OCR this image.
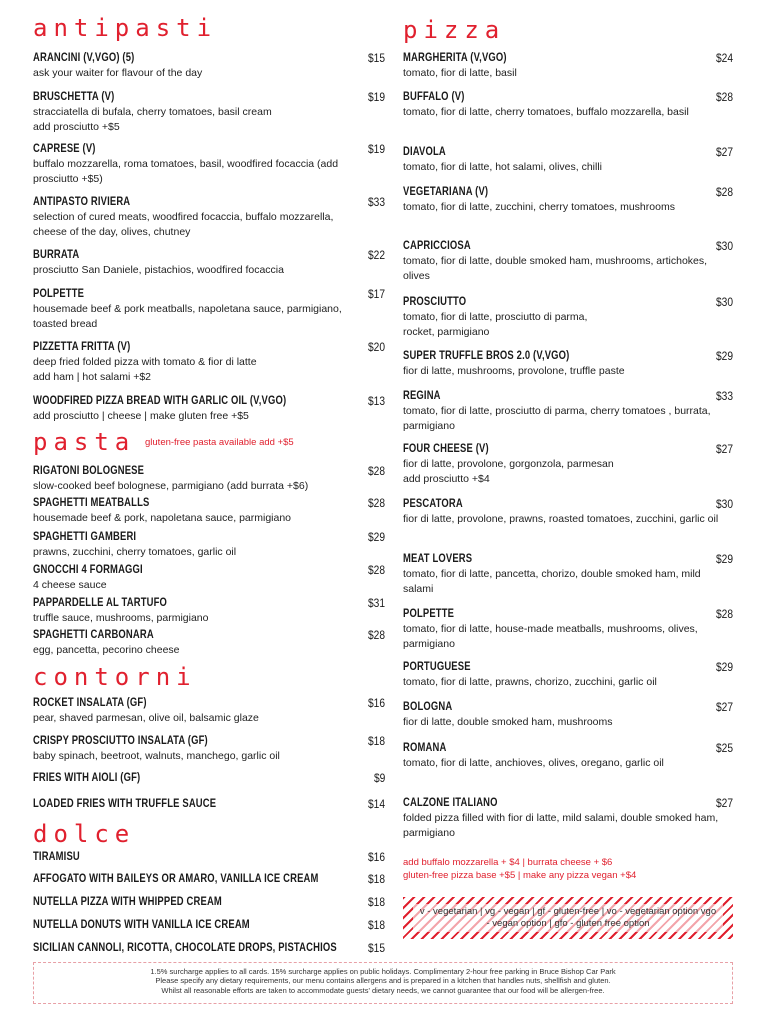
antipasti
ARANCINI (V,VGO) (5)	$15
ask your waiter for flavour of the day
BRUSCHETTA (V)	$19
stracciatella di bufala, cherry tomatoes, basil cream
add prosciutto +$5
CAPRESE (V)	$19
buffalo mozzarella, roma tomatoes, basil, woodfired focaccia (add prosciutto +$5)
ANTIPASTO RIVIERA	$33
selection of cured meats, woodfired focaccia, buffalo mozzarella, cheese of the day, olives, chutney
BURRATA	$22
prosciutto San Daniele, pistachios, woodfired focaccia
POLPETTE	$17
housemade beef & pork meatballs, napoletana sauce, parmigiano, toasted bread
PIZZETTA FRITTA (V)	$20
deep fried folded pizza with tomato & fior di latte
add ham | hot salami +$2
WOODFIRED PIZZA BREAD WITH GARLIC OIL (V,VGO)	$13
add prosciutto | cheese | make gluten free +$5
pasta gluten-free pasta available add +$5
RIGATONI BOLOGNESE	$28
slow-cooked beef bolognese, parmigiano (add burrata +$6)
SPAGHETTI MEATBALLS	$28
housemade beef & pork, napoletana sauce, parmigiano
SPAGHETTI GAMBERI	$29
prawns, zucchini, cherry tomatoes, garlic oil
GNOCCHI 4 FORMAGGI	$28
4 cheese sauce
PAPPARDELLE AL TARTUFO	$31
truffle sauce, mushrooms, parmigiano
SPAGHETTI CARBONARA	$28
egg, pancetta, pecorino cheese
contorni
ROCKET INSALATA (GF)	$16
pear, shaved parmesan, olive oil, balsamic glaze
CRISPY PROSCIUTTO INSALATA (GF)	$18
baby spinach, beetroot, walnuts, manchego, garlic oil
FRIES WITH AIOLI (GF)	$9
LOADED FRIES WITH TRUFFLE SAUCE	$14
dolce
TIRAMISU	$16
AFFOGATO WITH BAILEYS OR AMARO, VANILLA ICE CREAM	$18
NUTELLA PIZZA WITH WHIPPED CREAM	$18
NUTELLA DONUTS WITH VANILLA ICE CREAM	$18
SICILIAN CANNOLI, RICOTTA, CHOCOLATE DROPS, PISTACHIOS	$15
pizza
MARGHERITA (V,VGO)	$24
tomato, fior di latte, basil
BUFFALO (V)	$28
tomato, fior di latte, cherry tomatoes, buffalo mozzarella, basil
DIAVOLA	$27
tomato, fior di latte, hot salami, olives, chilli
VEGETARIANA (V)	$28
tomato, fior di latte, zucchini, cherry tomatoes, mushrooms
CAPRICCIOSA	$30
tomato, fior di latte, double smoked ham, mushrooms, artichokes, olives
PROSCIUTTO	$30
tomato, fior di latte, prosciutto di parma,
rocket, parmigiano
SUPER TRUFFLE BROS 2.0 (V,VGO)	$29
fior di latte, mushrooms, provolone, truffle paste
REGINA	$33
tomato, fior di latte, prosciutto di parma, cherry tomatoes , burrata, parmigiano
FOUR CHEESE (V)	$27
fior di latte, provolone, gorgonzola, parmesan
add prosciutto +$4
PESCATORA	$30
fior di latte, provolone, prawns, roasted tomatoes, zucchini, garlic oil
MEAT LOVERS	$29
tomato, fior di latte, pancetta, chorizo, double smoked ham, mild salami
POLPETTE	$28
tomato, fior di latte, house-made meatballs, mushrooms, olives, parmigiano
PORTUGUESE	$29
tomato, fior di latte, prawns, chorizo, zucchini, garlic oil
BOLOGNA	$27
fior di latte, double smoked ham, mushrooms
ROMANA	$25
tomato, fior di latte, anchioves, olives, oregano, garlic oil
CALZONE ITALIANO	$27
folded pizza filled with fior di latte, mild salami, double smoked ham, parmigiano
add buffalo mozzarella + $4 | burrata cheese + $6
gluten-free pizza base +$5 | make any pizza vegan +$4
v - vegetarian | vg - vegan | gf - gluten-free | vo - vegetarian option vgo - vegan option | gfo - gluten free option
1.5% surcharge applies to all cards. 15% surcharge applies on public holidays. Complimentary 2-hour free parking in Bruce Bishop Car Park
Please specify any dietary requirements, our menu contains allergens and is prepared in a kitchen that handles nuts, shellfish and gluten.
Whilst all reasonable efforts are taken to accommodate guests' dietary needs, we cannot guarantee that our food will be allergen-free.
